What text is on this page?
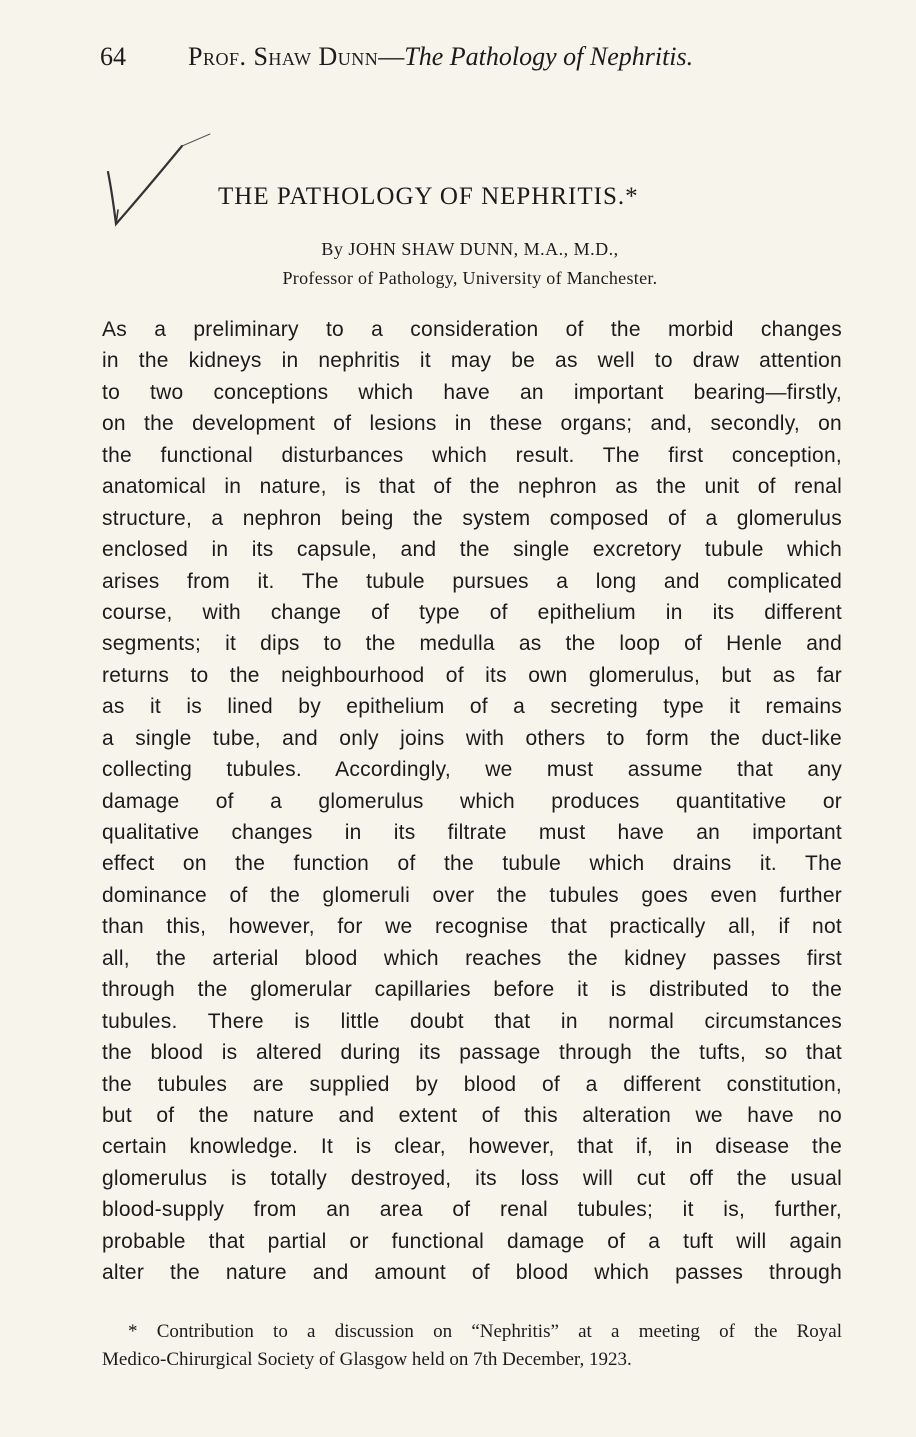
64 Prof. Shaw Dunn—The Pathology of Nephritis.
THE PATHOLOGY OF NEPHRITIS.*
By JOHN SHAW DUNN, M.A., M.D.,
Professor of Pathology, University of Manchester.
As a preliminary to a consideration of the morbid changes
in the kidneys in nephritis it may be as well to draw attention
to two conceptions which have an important bearing—firstly,
on the development of lesions in these organs; and, secondly, on
the functional disturbances which result. The first conception,
anatomical in nature, is that of the nephron as the unit of renal
structure, a nephron being the system composed of a glomerulus
enclosed in its capsule, and the single excretory tubule which
arises from it. The tubule pursues a long and complicated
course, with change of type of epithelium in its different
segments; it dips to the medulla as the loop of Henle and
returns to the neighbourhood of its own glomerulus, but as far
as it is lined by epithelium of a secreting type it remains
a single tube, and only joins with others to form the duct-like
collecting tubules. Accordingly, we must assume that any
damage of a glomerulus which produces quantitative or
qualitative changes in its filtrate must have an important
effect on the function of the tubule which drains it. The
dominance of the glomeruli over the tubules goes even further
than this, however, for we recognise that practically all, if not
all, the arterial blood which reaches the kidney passes first
through the glomerular capillaries before it is distributed to the
tubules. There is little doubt that in normal circumstances
the blood is altered during its passage through the tufts, so that
the tubules are supplied by blood of a different constitution,
but of the nature and extent of this alteration we have no
certain knowledge. It is clear, however, that if, in disease the
glomerulus is totally destroyed, its loss will cut off the usual
blood-supply from an area of renal tubules; it is, further,
probable that partial or functional damage of a tuft will again
alter the nature and amount of blood which passes through
* Contribution to a discussion on “Nephritis” at a meeting of the Royal
Medico-Chirurgical Society of Glasgow held on 7th December, 1923.
